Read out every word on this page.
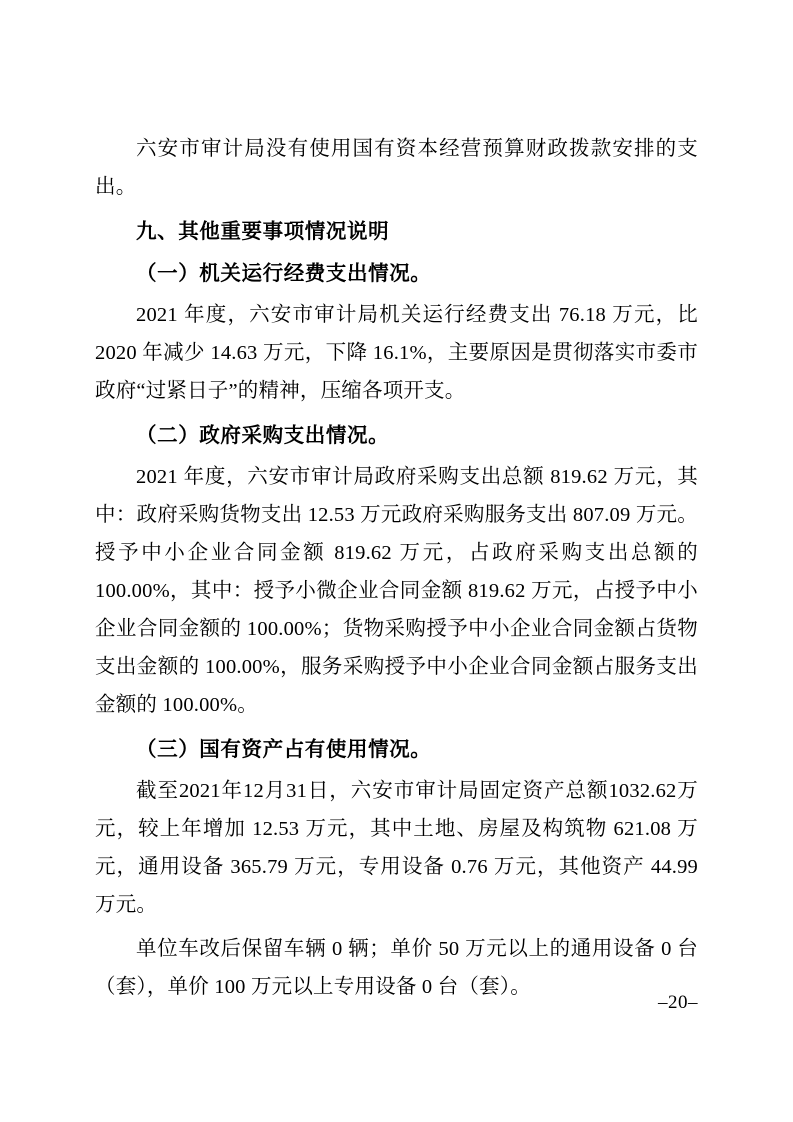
六安市审计局没有使用国有资本经营预算财政拨款安排的支出。

九、其他重要事项情况说明

（一）机关运行经费支出情况。

2021 年度，六安市审计局机关运行经费支出 76.18 万元，比 2020 年减少 14.63 万元，下降 16.1%，主要原因是贯彻落实市委市政府“过紧日子”的精神，压缩各项开支。

（二）政府采购支出情况。

2021 年度，六安市审计局政府采购支出总额 819.62 万元，其中：政府采购货物支出 12.53 万元政府采购服务支出 807.09 万元。授予中小企业合同金额 819.62 万元，占政府采购支出总额的 100.00%，其中：授予小微企业合同金额 819.62 万元，占授予中小企业合同金额的 100.00%；货物采购授予中小企业合同金额占货物支出金额的 100.00%，服务采购授予中小企业合同金额占服务支出金额的 100.00%。

（三）国有资产占有使用情况。

截至2021年12月31日，六安市审计局固定资产总额1032.62万元，较上年增加 12.53 万元，其中土地、房屋及构筑物 621.08 万元，通用设备 365.79 万元，专用设备 0.76 万元，其他资产 44.99 万元。

单位车改后保留车辆 0 辆；单价 50 万元以上的通用设备 0 台（套），单价 100 万元以上专用设备 0 台（套）。

–20–
